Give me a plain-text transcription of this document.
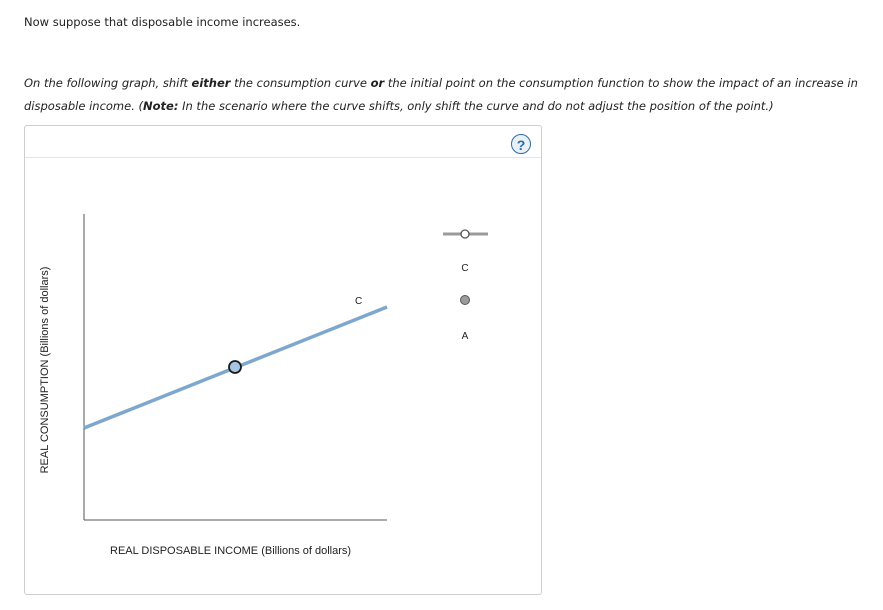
Now suppose that disposable income increases.
On the following graph, shift either the consumption curve or the initial point on the consumption function to show the impact of an increase in disposable income. (Note: In the scenario where the curve shifts, only shift the curve and do not adjust the position of the point.)
?
C
C
A
REAL CONSUMPTION (Billions of dollars)
REAL DISPOSABLE INCOME (Billions of dollars)
